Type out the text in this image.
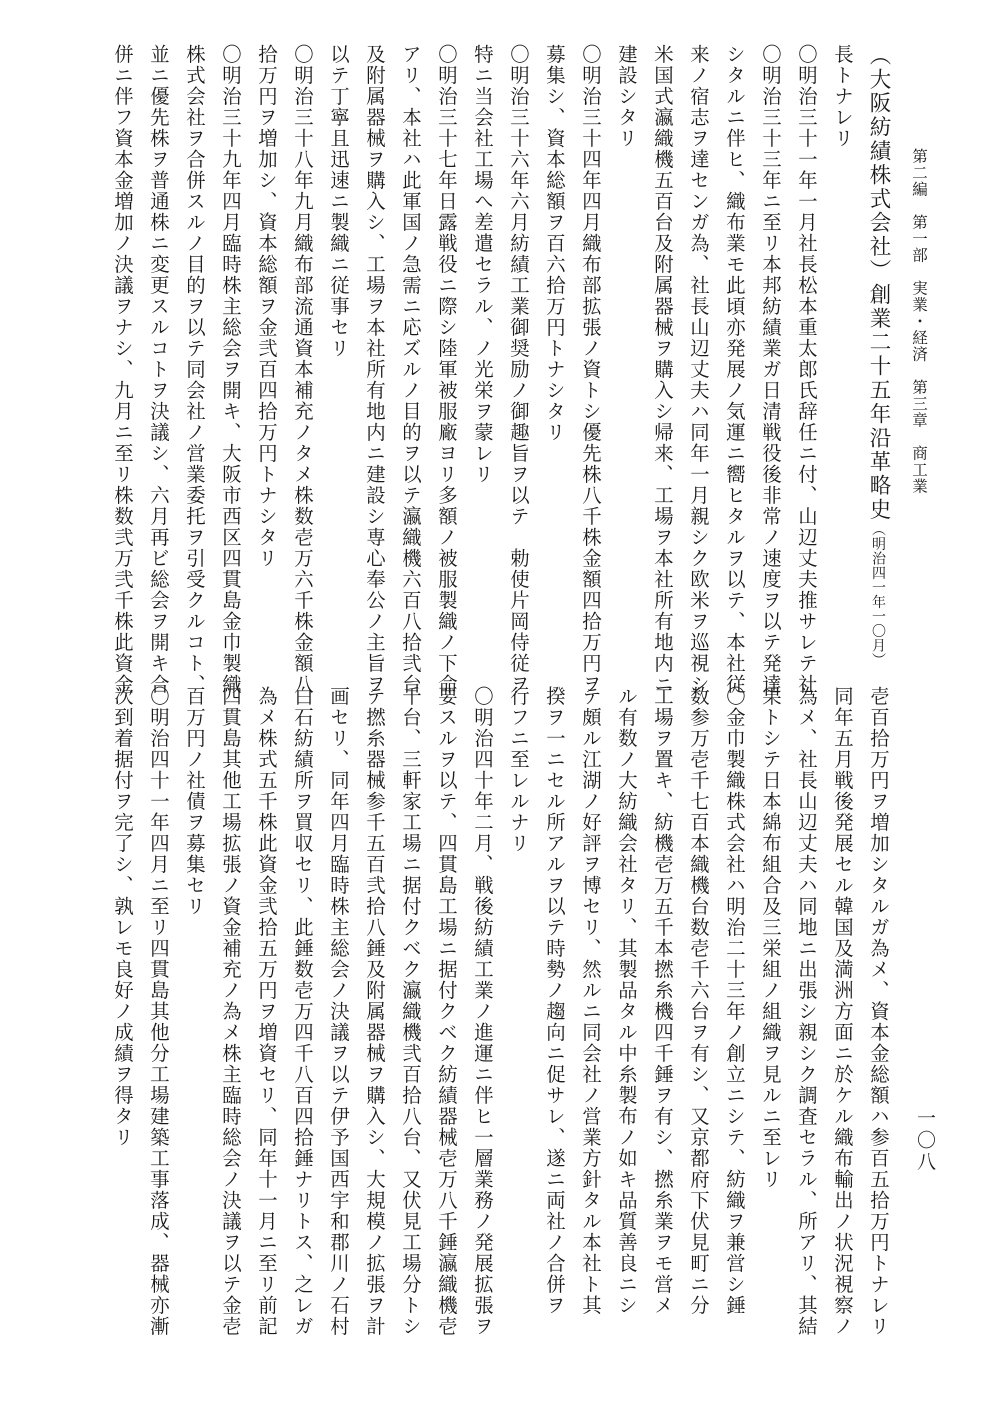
第二編　第一部　実業・経済　第三章　商工業
（大阪紡績株式会社）創業二十五年沿革略史（明治四一年一〇月）
長トナレリ
〇明治三十一年一月社長松本重太郎氏辞任ニ付、山辺丈夫推サレテ社
〇明治三十三年ニ至リ本邦紡績業ガ日清戦役後非常ノ速度ヲ以テ発達
シタルニ伴ヒ、織布業モ此頃亦発展ノ気運ニ嚮ヒタルヲ以テ、本社従
来ノ宿志ヲ達センガ為、社長山辺丈夫ハ同年一月親シク欧米ヲ巡視シ
米国式瀛織機五百台及附属器械ヲ購入シ帰来、工場ヲ本社所有地内ニ
建設シタリ
〇明治三十四年四月織布部拡張ノ資トシ優先株八千株金額四拾万円ヲ
募集シ、資本総額ヲ百六拾万円トナシタリ
〇明治三十六年六月紡績工業御奨励ノ御趣旨ヲ以テ　勅使片岡侍従ヲ
特ニ当会社工場へ差遣セラル、ノ光栄ヲ蒙レリ
〇明治三十七年日露戦役ニ際シ陸軍被服廠ヨリ多額ノ被服製織ノ下命
アリ、本社ハ此軍国ノ急需ニ応ズルノ目的ヲ以テ瀛織機六百八拾弐台
及附属器械ヲ購入シ、工場ヲ本社所有地内ニ建設シ専心奉公ノ主旨ヲ
以テ丁寧且迅速ニ製織ニ従事セリ
〇明治三十八年九月織布部流通資本補充ノタメ株数壱万六千株金額八
拾万円ヲ増加シ、資本総額ヲ金弐百四拾万円トナシタリ
〇明治三十九年四月臨時株主総会ヲ開キ、大阪市西区四貫島金巾製織
株式会社ヲ合併スルノ目的ヲ以テ同会社ノ営業委托ヲ引受クルコト、
並ニ優先株ヲ普通株ニ変更スルコトヲ決議シ、六月再ビ総会ヲ開キ合
併ニ伴フ資本金増加ノ決議ヲナシ、九月ニ至リ株数弐万弐千株此資金
壱百拾万円ヲ増加シタルガ為メ、資本金総額ハ参百五拾万円トナレリ
同年五月戦後発展セル韓国及満洲方面ニ於ケル織布輸出ノ状況視察ノ
為メ、社長山辺丈夫ハ同地ニ出張シ親シク調査セラル、所アリ、其結
果トシテ日本綿布組合及三栄組ノ組織ヲ見ルニ至レリ
〇金巾製織株式会社ハ明治二十三年ノ創立ニシテ、紡織ヲ兼営シ錘
数参万壱千七百本織機台数壱千六台ヲ有シ、又京都府下伏見町ニ分
工場ヲ置キ、紡機壱万五千本撚糸機四千錘ヲ有シ、撚糸業ヲモ営メ
ル有数ノ大紡織会社タリ、其製品タル中糸製布ノ如キ品質善良ニシ
テ頗ル江湖ノ好評ヲ博セリ、然ルニ同会社ノ営業方針タル本社ト其
揆ヲ一ニセル所アルヲ以テ時勢ノ趨向ニ促サレ、遂ニ両社ノ合併ヲ
行フニ至レルナリ
〇明治四十年二月、戦後紡績工業ノ進運ニ伴ヒ一層業務ノ発展拡張ヲ
要スルヲ以テ、四貫島工場ニ据付クベク紡績器械壱万八千錘瀛織機壱
千台、三軒家工場ニ据付クベク瀛織機弐百拾八台、又伏見工場分トシ
テ撚糸器械参千五百弐拾八錘及附属器械ヲ購入シ、大規模ノ拡張ヲ計
画セリ、同年四月臨時株主総会ノ決議ヲ以テ伊予国西宇和郡川ノ石村
白石紡績所ヲ買収セリ、此錘数壱万四千八百四拾錘ナリトス、之レガ
為メ株式五千株此資金弐拾五万円ヲ増資セリ、同年十一月ニ至リ前記
四貫島其他工場拡張ノ資金補充ノ為メ株主臨時総会ノ決議ヲ以テ金壱
百万円ノ社債ヲ募集セリ
〇明治四十一年四月ニ至リ四貫島其他分工場建築工事落成、器械亦漸
次到着据付ヲ完了シ、孰レモ良好ノ成績ヲ得タリ	一〇八
